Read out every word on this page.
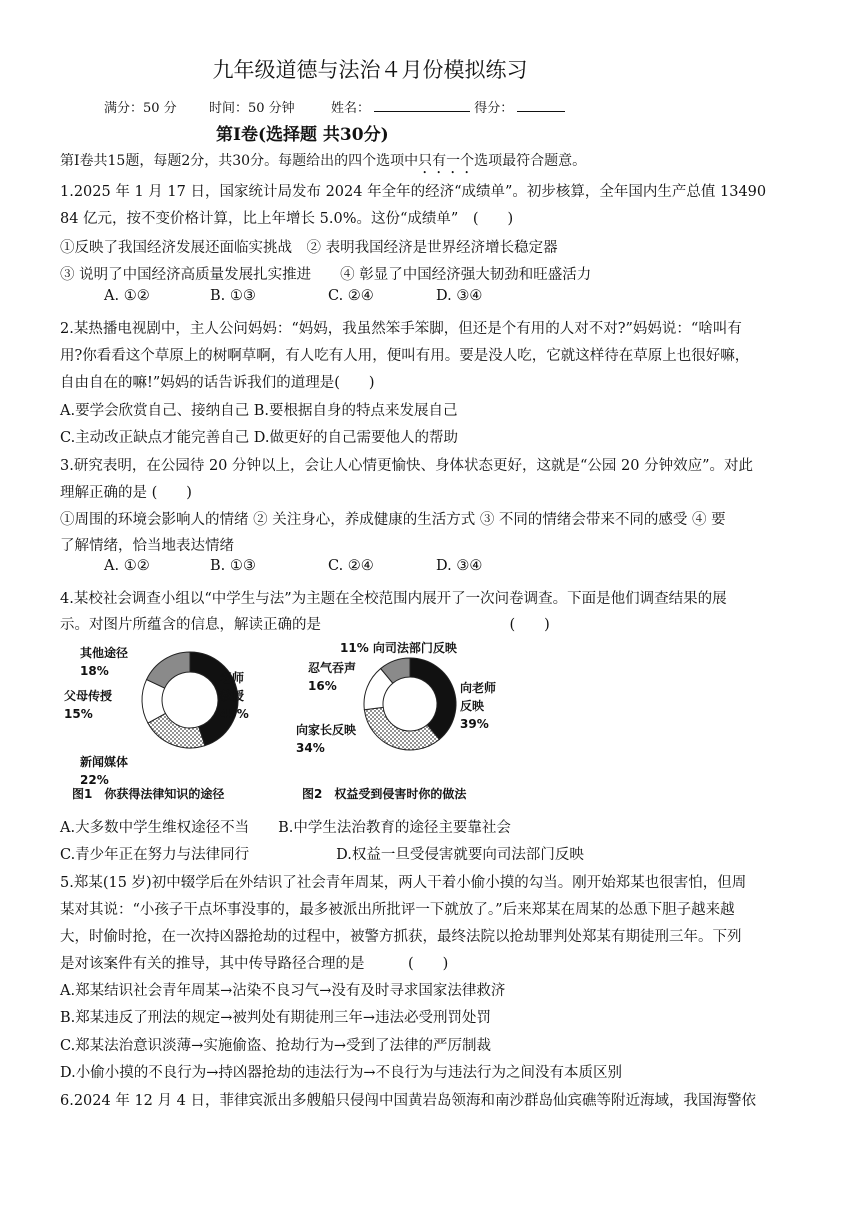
九年级道德与法治４月份模拟练习
满分：50 分 时间：50 分钟	姓名：	得分：
第Ⅰ卷(选择题 共30分)
第Ⅰ卷共15题，每题2分，共30分。每题给出的四个选项中只有一个选项最符合题意。
1.2025 年 1 月 17 日，国家统计局发布 2024 年全年的经济“成绩单”。初步核算，全年国内生产总值 13490
84 亿元，按不变价格计算，比上年增长 5.0%。这份“成绩单”　(　　)
①反映了我国经济发展还面临实挑战　② 表明我国经济是世界经济增长稳定器
③ 说明了中国经济高质量发展扎实推进　　④ 彰显了中国经济强大韧劲和旺盛活力
A. ①②	B. ①③	C. ②④	D. ③④
2.某热播电视剧中，主人公问妈妈：“妈妈，我虽然笨手笨脚，但还是个有用的人对不对?”妈妈说：“啥叫有
用?你看看这个草原上的树啊草啊，有人吃有人用，便叫有用。要是没人吃，它就这样待在草原上也很好嘛，
自由自在的嘛!”妈妈的话告诉我们的道理是(　　)
A.要学会欣赏自己、接纳自己 B.要根据自身的特点来发展自己
C.主动改正缺点才能完善自己 D.做更好的自己需要他人的帮助
3.研究表明，在公园待 20 分钟以上，会让人心情更愉快、身体状态更好，这就是“公园 20 分钟效应”。对此
理解正确的是 (　　)
①周围的环境会影响人的情绪 ② 关注身心，养成健康的生活方式 ③ 不同的情绪会带来不同的感受 ④ 要
了解情绪，恰当地表达情绪
A. ①②	B. ①③	C. ②④	D. ③④
4.某校社会调查小组以“中学生与法”为主题在全校范围内展开了一次问卷调查。下面是他们调查结果的展
示。对图片所蕴含的信息，解读正确的是　　　　　　　　　　　　　(　　)
老师教授 45%
新闻媒体 22%
父母传授 15%
其他途径 18%
图1　你获得法律知识的途径
向老师反映 39%
向家长反映 34%
忍气吞声 16%
11% 向司法部门反映
图2　权益受到侵害时你的做法
A.大多数中学生维权途径不当　　B.中学生法治教育的途径主要靠社会
C.青少年正在努力与法律同行　　　　　　D.权益一旦受侵害就要向司法部门反映
5.郑某(15 岁)初中辍学后在外结识了社会青年周某，两人干着小偷小摸的勾当。刚开始郑某也很害怕，但周
某对其说：“小孩子干点坏事没事的，最多被派出所批评一下就放了。”后来郑某在周某的怂恿下胆子越来越
大，时偷时抢，在一次持凶器抢劫的过程中，被警方抓获，最终法院以抢劫罪判处郑某有期徒刑三年。下列
是对该案件有关的推导，其中传导路径合理的是　　　(　　)
A.郑某结识社会青年周某→沾染不良习气→没有及时寻求国家法律救济
B.郑某违反了刑法的规定→被判处有期徒刑三年→违法必受刑罚处罚
C.郑某法治意识淡薄→实施偷盗、抢劫行为→受到了法律的严厉制裁
D.小偷小摸的不良行为→持凶器抢劫的违法行为→不良行为与违法行为之间没有本质区别
6.2024 年 12 月 4 日，菲律宾派出多艘船只侵闯中国黄岩岛领海和南沙群岛仙宾礁等附近海域，我国海警依
